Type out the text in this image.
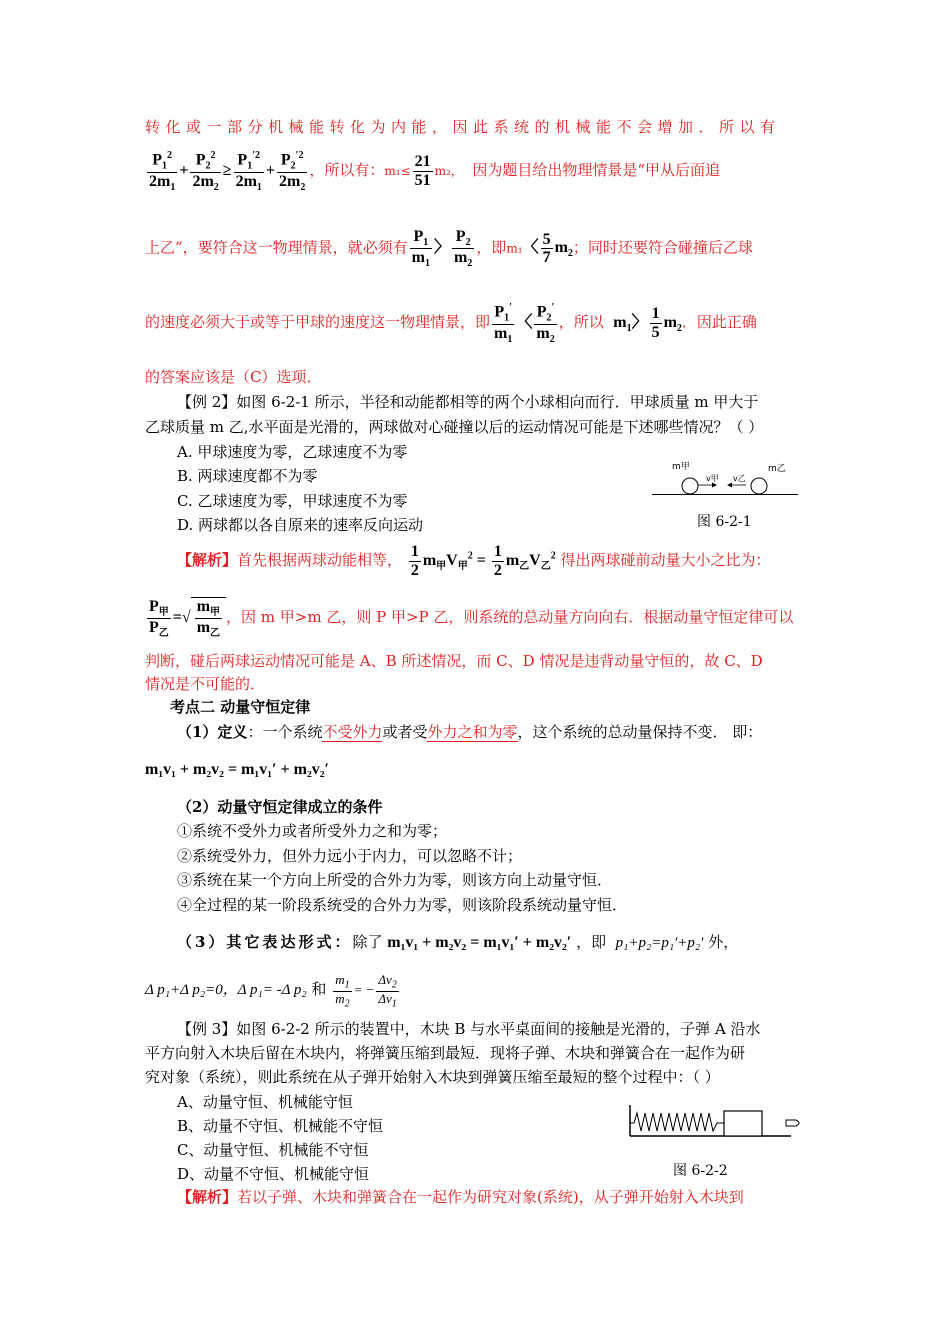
转化或一部分机械能转化为内能，因此系统的机械能不会增加．所以有
$\frac{P_1^2}{2m_1} + \frac{P_2^2}{2m_2} \ge \frac{P_1^{'2}}{2m_1} + \frac{P_2^{'2}}{2m_2}$ ，所以有：$m_1\le \frac{21}{51} m_2$， 因为题目给出物理情景是“甲从后面追
上乙”，要符合这一物理情景，就必须有 $\frac{P_1}{m_1}$ 〉 $\frac{P_2}{m_2}$ ，即m₁〈 $\frac{5}{7} m_2$；同时还要符合碰撞后乙球
的速度必须大于或等于甲球的速度这一物理情景，即 $\frac{P_1'}{m_1}$ 〈 $\frac{P_2'}{m_2}$ ，所以 $m_1$〉 $\frac{1}{5} m_2$．因此正确
的答案应该是（C）选项．
【例 2】如图 6-2-1 所示，半径和动能都相等的两个小球相向而行．甲球质量 m 甲大于
乙球质量 m 乙,水平面是光滑的，两球做对心碰撞以后的运动情况可能是下述哪些情况？（ ）
A. 甲球速度为零，乙球速度不为零
B. 两球速度都不为零
C. 乙球速度为零，甲球速度不为零
D. 两球都以各自原来的速率反向运动
m甲	m乙
v甲 v乙
图 6-2-1
【解析】首先根据两球动能相等， $\frac{1}{2} m_甲V_甲^2 = \frac{1}{2} m_乙V_乙^2$ 得出两球碰前动量大小之比为：
$\frac{P_甲}{P_乙}$ =√ $\frac{m_甲}{m_乙}$ ，因 m 甲>m 乙，则 P 甲>P 乙，则系统的总动量方向向右．根据动量守恒定律可以
判断，碰后两球运动情况可能是 A、B 所述情况，而 C、D 情况是违背动量守恒的，故 C、D
情况是不可能的．
考点二 动量守恒定律
（1）定义：一个系统不受外力或者受外力之和为零，这个系统的总动量保持不变． 即：
m₁v₁ + m₂v₂ = m₁v₁′ + m₂v₂′
（2）动量守恒定律成立的条件
①系统不受外力或者所受外力之和为零；
②系统受外力，但外力远小于内力，可以忽略不计；
③系统在某一个方向上所受的合外力为零，则该方向上动量守恒．
④全过程的某一阶段系统受的合外力为零，则该阶段系统动量守恒．
（3）其它表达形式：除了 m₁v₁ + m₂v₂ = m₁v₁′ + m₂v₂′ ，即 p₁+p₂=p₁′+p₂′ 外，
Δ p₁+Δ p₂=0，Δ p₁= -Δ p₂ 和 $\frac{m_1}{m_2}$ = − $\frac{\Delta v_2}{\Delta v_1}$
【例 3】如图 6-2-2 所示的装置中，木块 B 与水平桌面间的接触是光滑的，子弹 A 沿水
平方向射入木块后留在木块内，将弹簧压缩到最短．现将子弹、木块和弹簧合在一起作为研
究对象（系统），则此系统在从子弹开始射入木块到弹簧压缩至最短的整个过程中：（ ）
A、动量守恒、机械能守恒
B、动量不守恒、机械能不守恒
C、动量守恒、机械能不守恒
D、动量不守恒、机械能守恒	图 6-2-2
【解析】若以子弹、木块和弹簧合在一起作为研究对象(系统)，从子弹开始射入木块到
